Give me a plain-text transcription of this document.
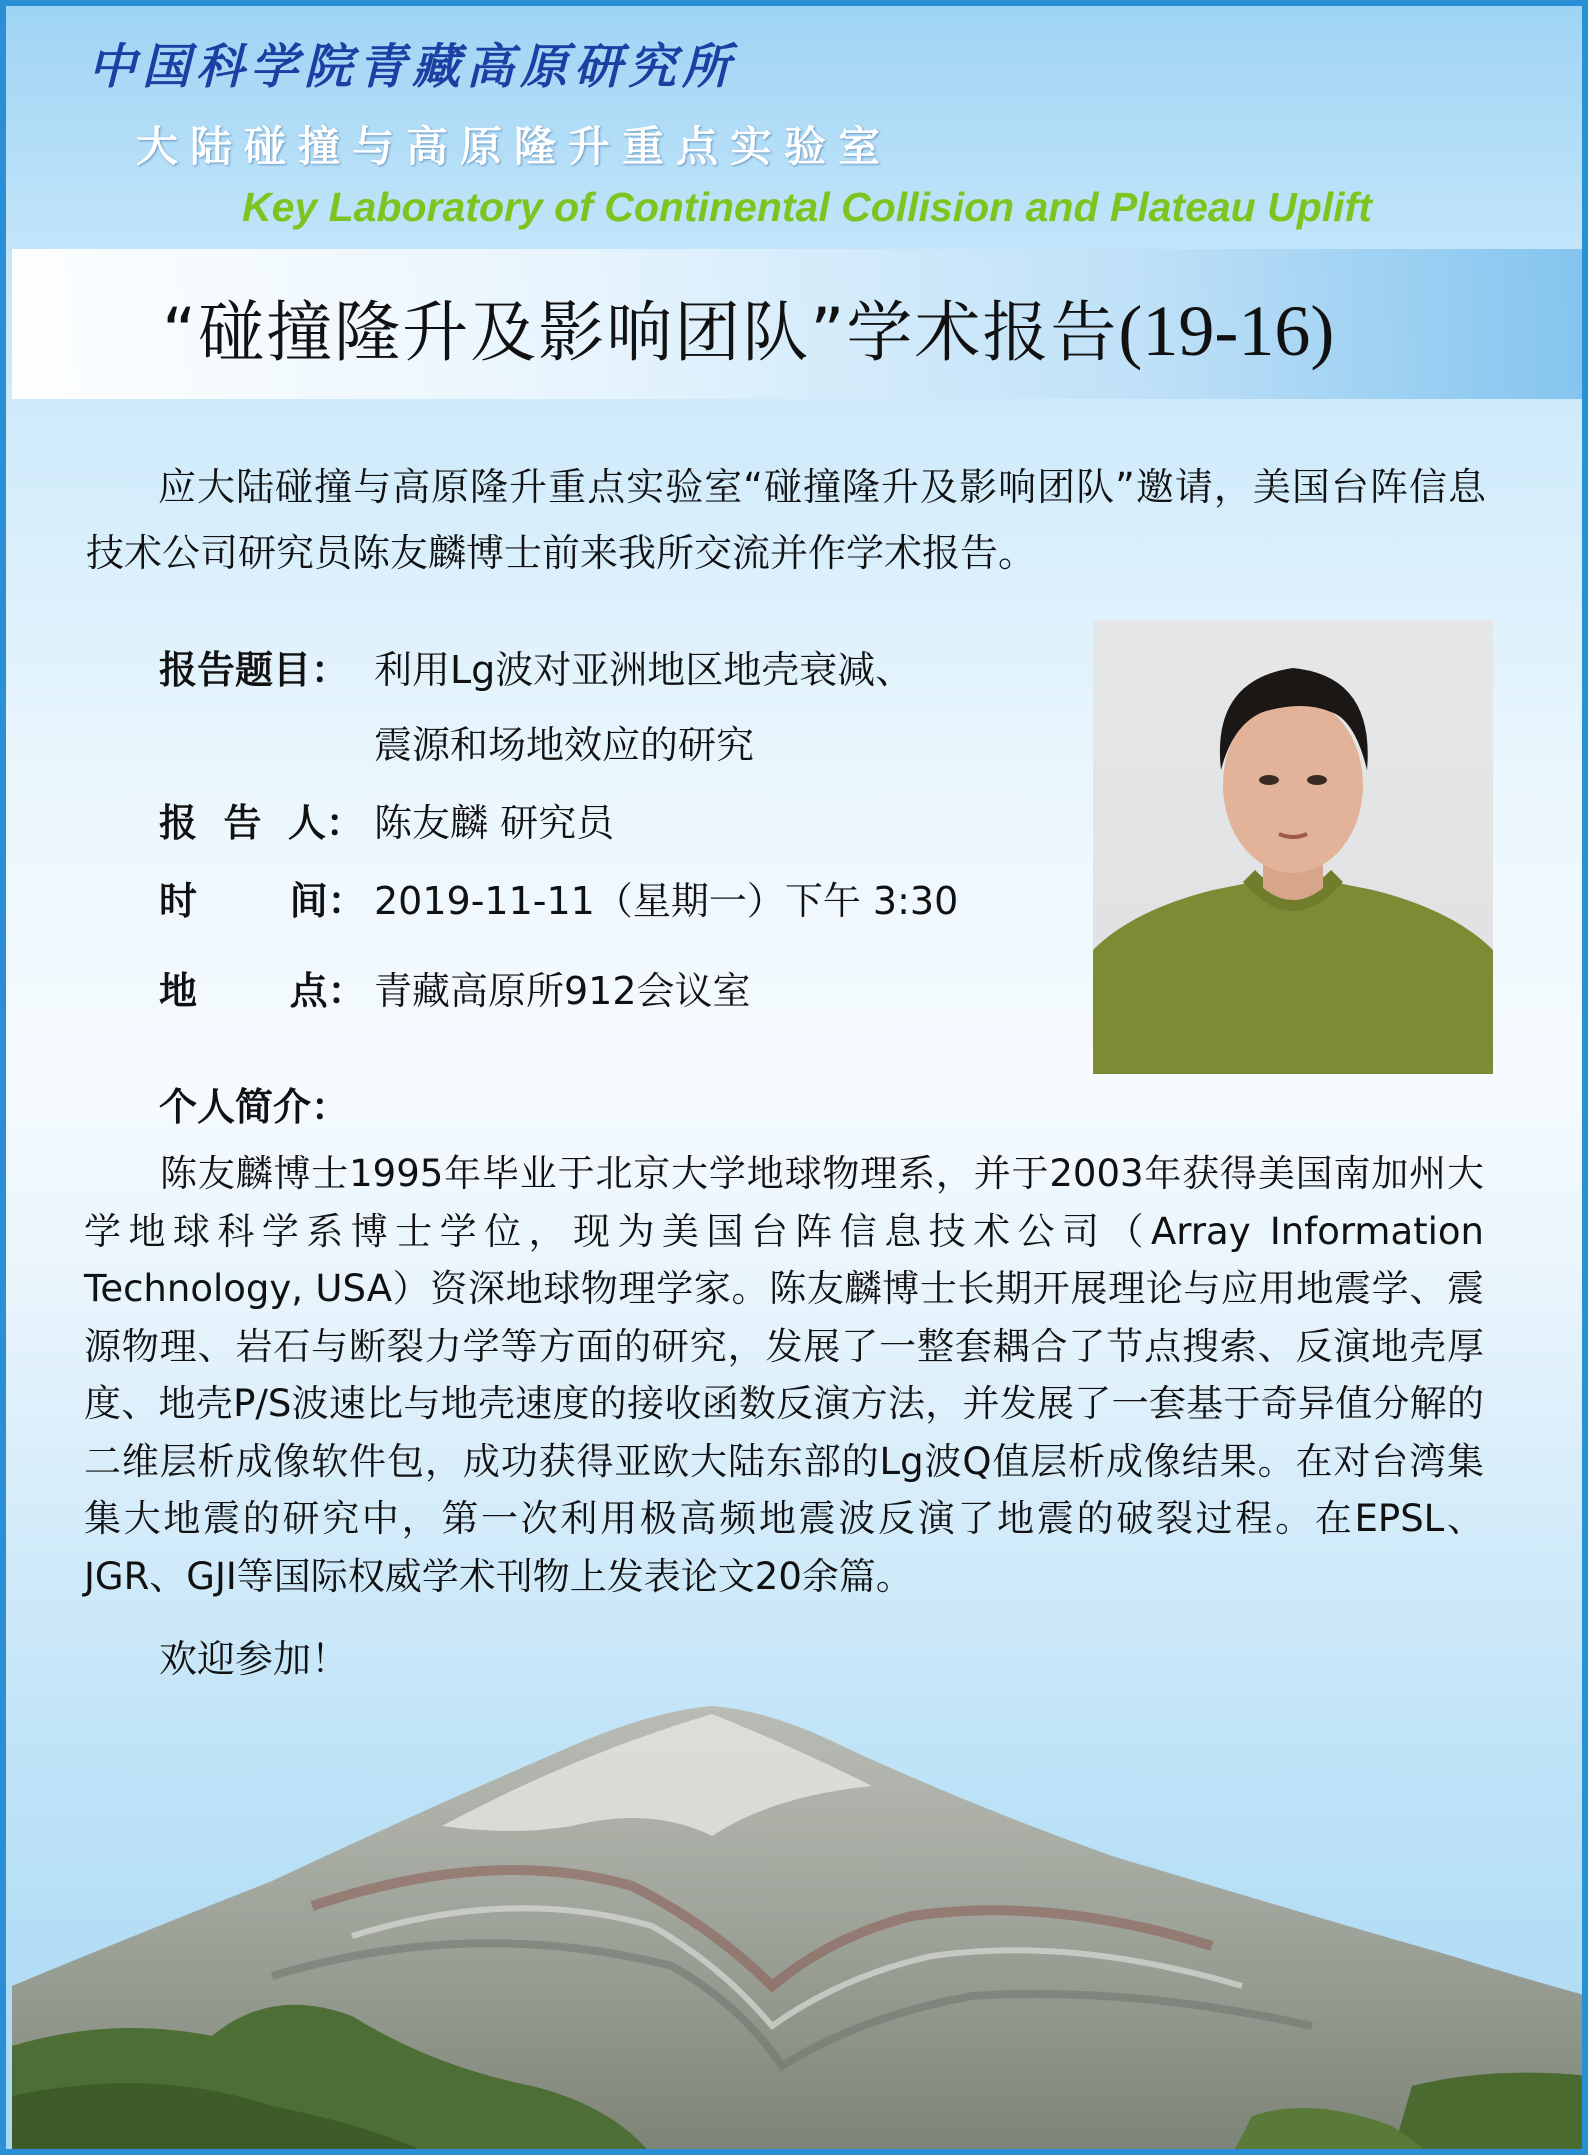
中国科学院青藏高原研究所

大陆碰撞与高原隆升重点实验室

Key Laboratory of Continental Collision and Plateau Uplift

“碰撞隆升及影响团队”学术报告(19-16)

应大陆碰撞与高原隆升重点实验室“碰撞隆升及影响团队”邀请，美国台阵信息技术公司研究员陈友麟博士前来我所交流并作学术报告。

报告题目： 利用Lg波对亚洲地区地壳衰减、

震源和场地效应的研究

报  告  人： 陈友麟 研究员

时       间： 2019-11-11（星期一）下午 3:30

地       点： 青藏高原所912会议室

个人简介：

陈友麟博士1995年毕业于北京大学地球物理系，并于2003年获得美国南加州大学地球科学系博士学位，现为美国台阵信息技术公司（Array Information Technology, USA）资深地球物理学家。陈友麟博士长期开展理论与应用地震学、震源物理、岩石与断裂力学等方面的研究，发展了一整套耦合了节点搜索、反演地壳厚度、地壳P/S波速比与地壳速度的接收函数反演方法，并发展了一套基于奇异值分解的二维层析成像软件包，成功获得亚欧大陆东部的Lg波Q值层析成像结果。在对台湾集集大地震的研究中，第一次利用极高频地震波反演了地震的破裂过程。在EPSL、JGR、GJI等国际权威学术刊物上发表论文20余篇。

欢迎参加！
